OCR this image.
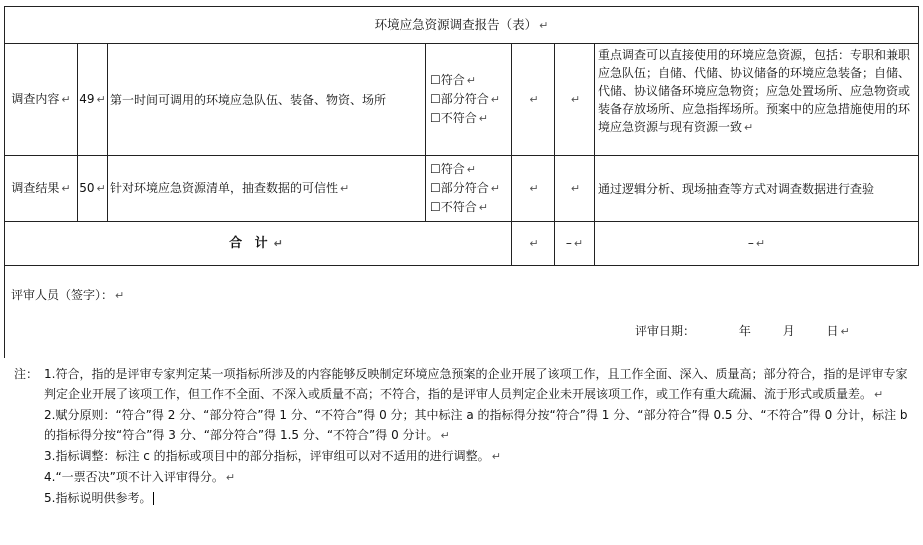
环境应急资源调查报告（表） ↵						
调查内容 ↵	49 ↵	第一时间可调用的环境应急队伍、装备、物资、场所	☐符合 ↵
☐部分符合 ↵
☐不符合 ↵	↵	↵	重点调查可以直接使用的环境应急资源，包括：专职和兼职应急队伍；自储、代储、协议储备的环境应急装备；自储、代储、协议储备环境应急物资；应急处置场所、应急物资或装备存放场所、应急指挥场所。预案中的应急措施使用的环境应急资源与现有资源一致 ↵
调查结果 ↵	50 ↵	针对环境应急资源清单，抽查数据的可信性 ↵	☐符合 ↵
☐部分符合 ↵
☐不符合 ↵	↵	↵	通过逻辑分析、现场抽查等方式对调查数据进行查验
合 计 ↵				↵	– ↵	– ↵

评审人员（签字）： ↵
评审日期： 年 月 日 ↵						
注： 1.符合，指的是评审专家判定某一项指标所涉及的内容能够反映制定环境应急预案的企业开展了该项工作，且工作全面、深入、质量高；部分符合，指的是评审专家判定企业开展了该项工作，但工作不全面、不深入或质量不高；不符合，指的是评审人员判定企业未开展该项工作，或工作有重大疏漏、流于形式或质量差。 ↵
2.赋分原则：“符合”得 2 分、“部分符合”得 1 分、“不符合”得 0 分；其中标注 a 的指标得分按“符合”得 1 分、“部分符合”得 0.5 分、“不符合”得 0 分计，标注 b 的指标得分按“符合”得 3 分、“部分符合”得 1.5 分、“不符合”得 0 分计。 ↵
3.指标调整：标注 c 的指标或项目中的部分指标，评审组可以对不适用的进行调整。 ↵
4.“一票否决”项不计入评审得分。 ↵
5.指标说明供参考。
